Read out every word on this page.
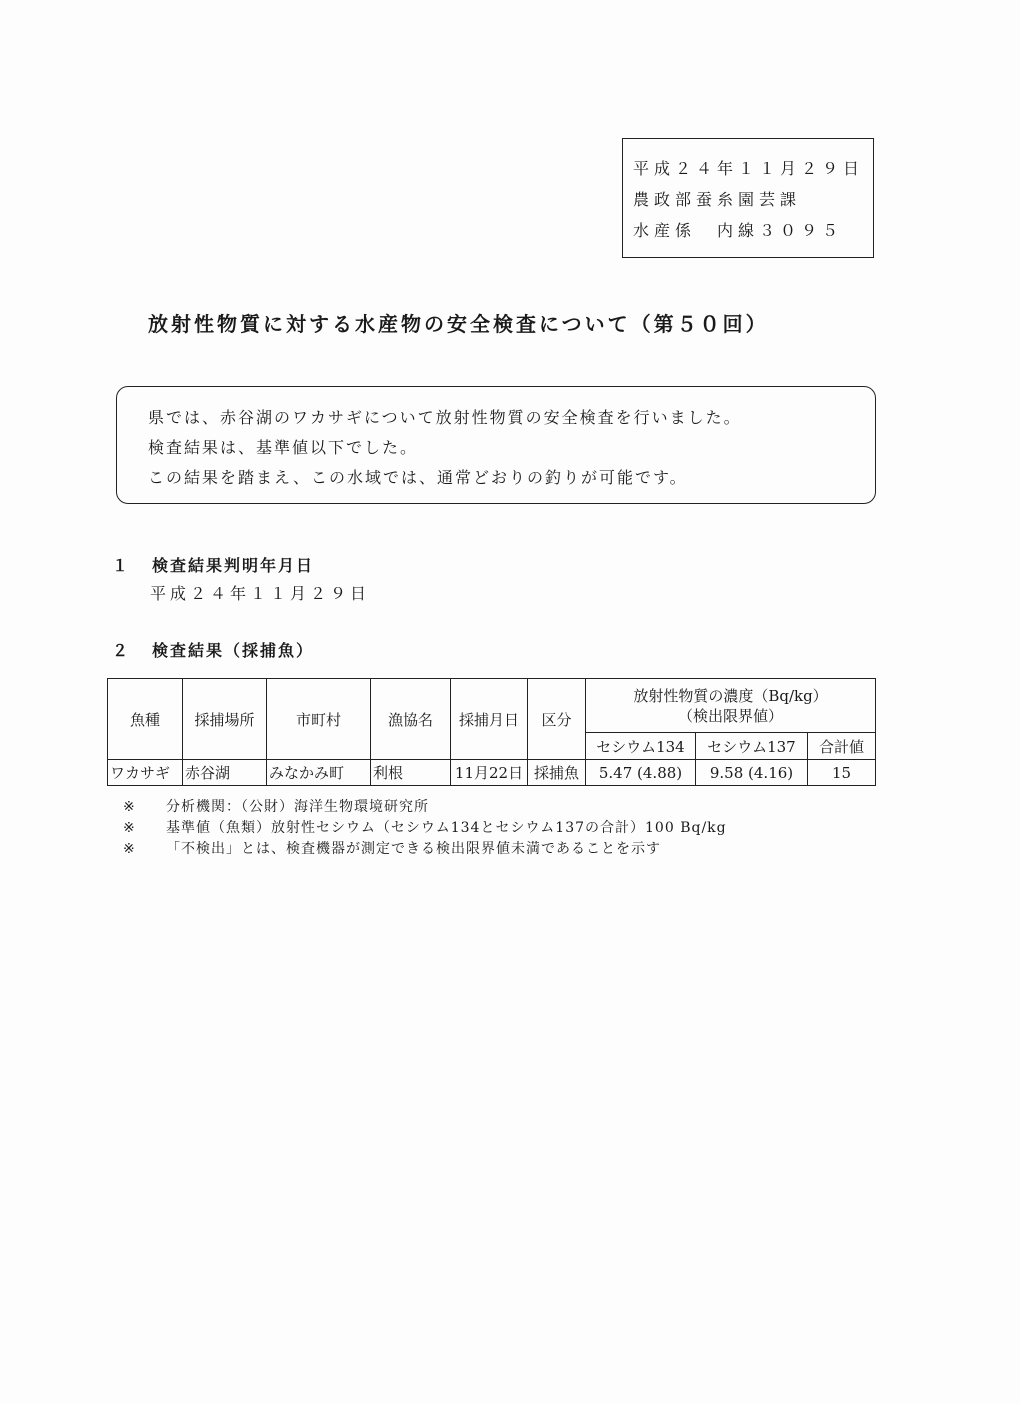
平成２４年１１月２９日
農政部蚕糸園芸課
水産係　内線３０９５
放射性物質に対する水産物の安全検査について（第５０回）
県では、赤谷湖のワカサギについて放射性物質の安全検査を行いました。
検査結果は、基準値以下でした。
この結果を踏まえ、この水域では、通常どおりの釣りが可能です。
１ 検査結果判明年月日
平成２４年１１月２９日
２ 検査結果（採捕魚）
魚種	採捕場所	市町村	漁協名	採捕月日	区分	放射性物質の濃度（Bq/kg）
（検出限界値）		

						セシウム134	セシウム137	合計値
ワカサギ	赤谷湖	みなかみ町	利根	11月22日	採捕魚	5.47 (4.88)	9.58 (4.16)	15
※ 分析機関：（公財）海洋生物環境研究所
※ 基準値（魚類）放射性セシウム（セシウム134とセシウム137の合計）100 Bq/kg
※ 「不検出」とは、検査機器が測定できる検出限界値未満であることを示す
